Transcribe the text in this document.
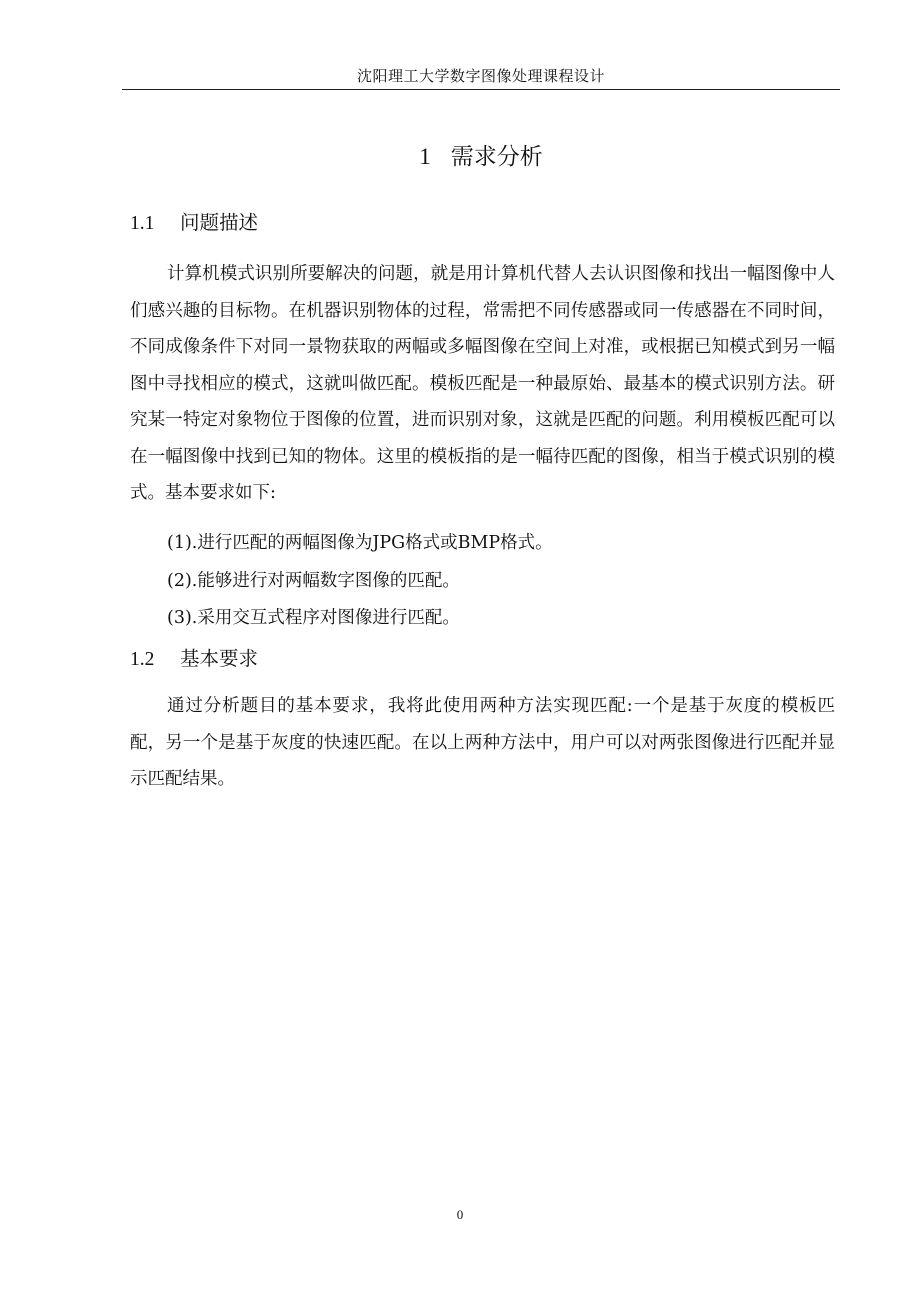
沈阳理工大学数字图像处理课程设计
1 需求分析
1.1 问题描述

计算机模式识别所要解决的问题，就是用计算机代替人去认识图像和找出一幅图像中人们感兴趣的目标物。在机器识别物体的过程，常需把不同传感器或同一传感器在不同时间，不同成像条件下对同一景物获取的两幅或多幅图像在空间上对准，或根据已知模式到另一幅图中寻找相应的模式，这就叫做匹配。模板匹配是一种最原始、最基本的模式识别方法。研究某一特定对象物位于图像的位置，进而识别对象，这就是匹配的问题。利用模板匹配可以在一幅图像中找到已知的物体。这里的模板指的是一幅待匹配的图像，相当于模式识别的模式。基本要求如下:

(1).进行匹配的两幅图像为JPG格式或BMP格式。
(2).能够进行对两幅数字图像的匹配。
(3).采用交互式程序对图像进行匹配。
1.2 基本要求

通过分析题目的基本要求，我将此使用两种方法实现匹配:一个是基于灰度的模板匹配，另一个是基于灰度的快速匹配。在以上两种方法中，用户可以对两张图像进行匹配并显示匹配结果。

0
